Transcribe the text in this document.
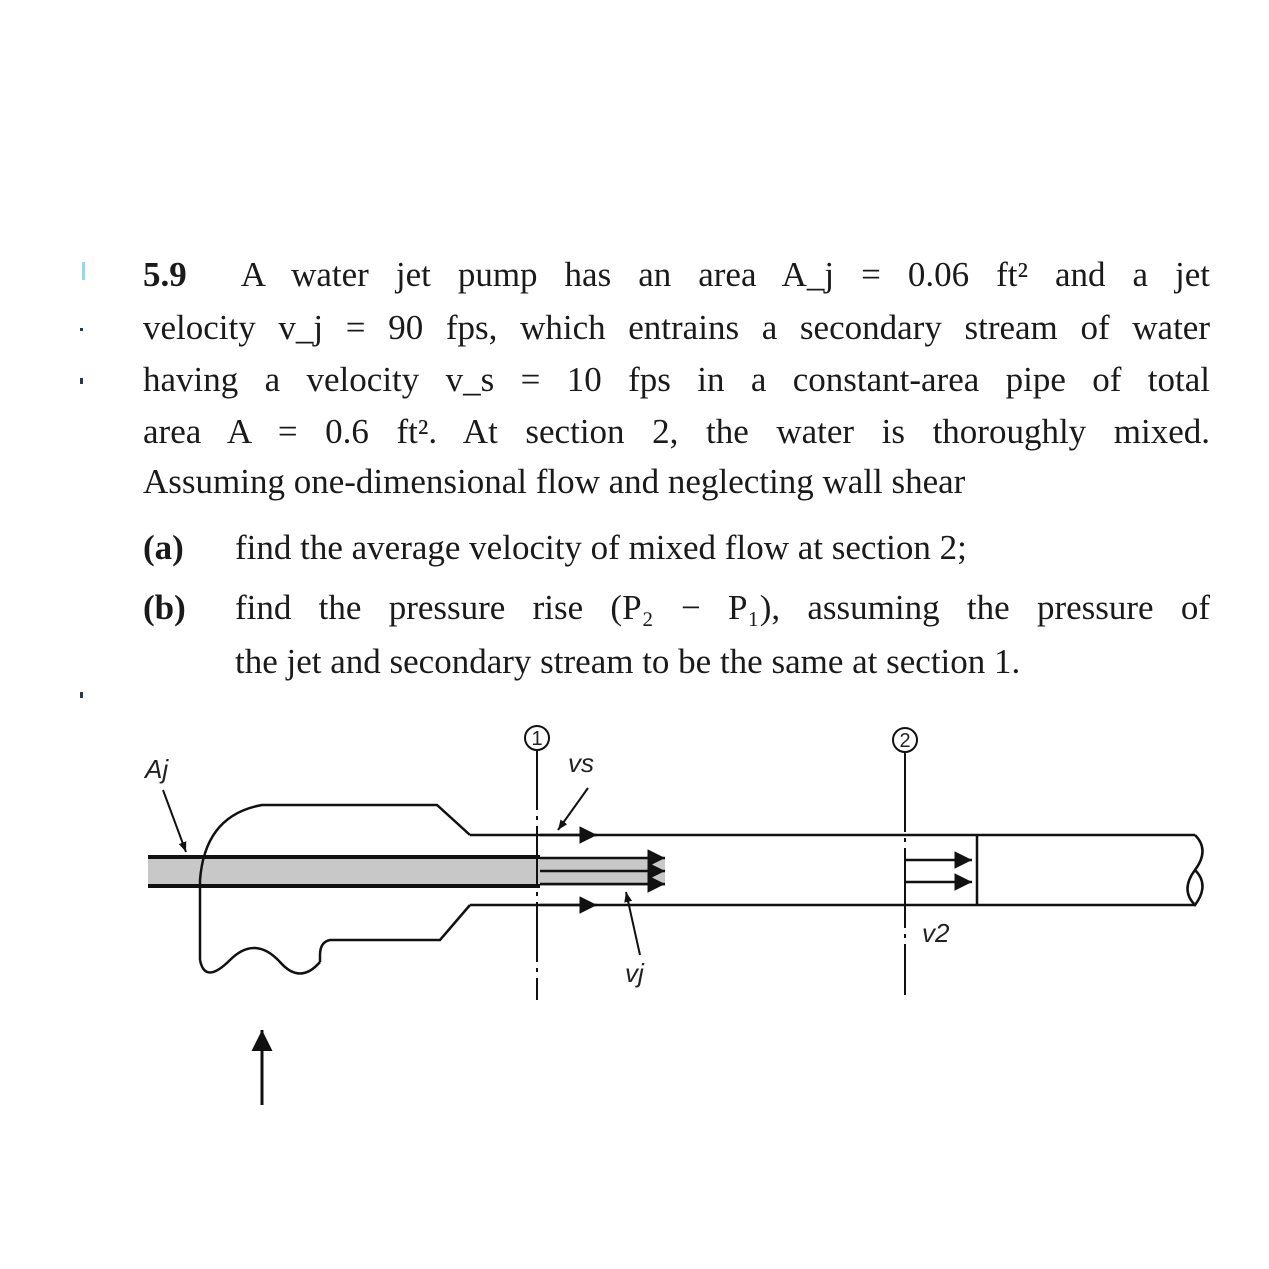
5.9 A water jet pump has an area A_j = 0.06 ft² and a jet
velocity v_j = 90 fps, which entrains a secondary stream of water
having a velocity v_s = 10 fps in a constant-area pipe of total
area A = 0.6 ft². At section 2, the water is thoroughly mixed.
Assuming one-dimensional flow and neglecting wall shear
(a) find the average velocity of mixed flow at section 2;
(b) find the pressure rise (P₂ − P₁), assuming the pressure of
the jet and secondary stream to be the same at section 1.
1	2
Aj	vs
vj
v2
